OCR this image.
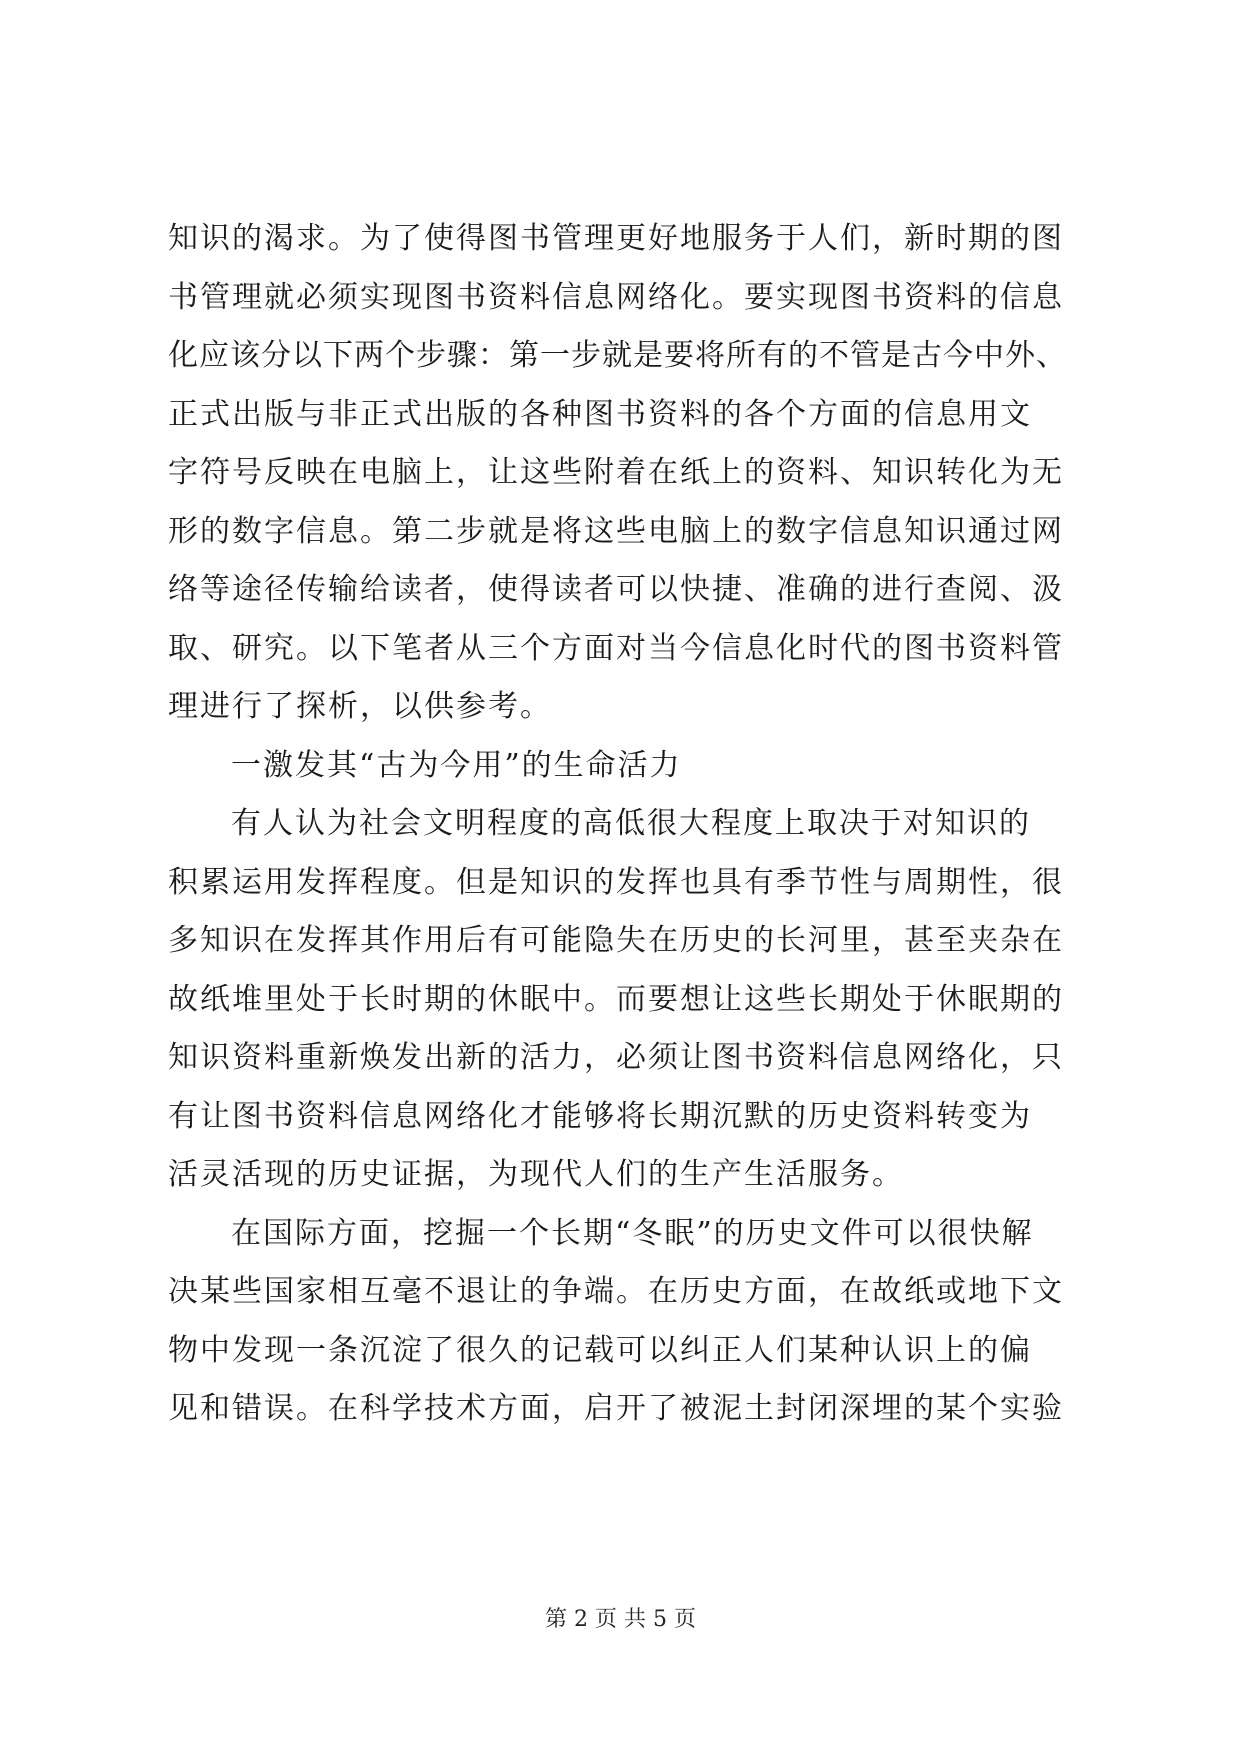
知识的渴求。为了使得图书管理更好地服务于人们，新时期的图
书管理就必须实现图书资料信息网络化。要实现图书资料的信息
化应该分以下两个步骤：第一步就是要将所有的不管是古今中外、
正式出版与非正式出版的各种图书资料的各个方面的信息用文
字符号反映在电脑上，让这些附着在纸上的资料、知识转化为无
形的数字信息。第二步就是将这些电脑上的数字信息知识通过网
络等途径传输给读者，使得读者可以快捷、准确的进行查阅、汲
取、研究。以下笔者从三个方面对当今信息化时代的图书资料管
理进行了探析，以供参考。
一激发其“古为今用”的生命活力
有人认为社会文明程度的高低很大程度上取决于对知识的
积累运用发挥程度。但是知识的发挥也具有季节性与周期性，很
多知识在发挥其作用后有可能隐失在历史的长河里，甚至夹杂在
故纸堆里处于长时期的休眠中。而要想让这些长期处于休眠期的
知识资料重新焕发出新的活力，必须让图书资料信息网络化，只
有让图书资料信息网络化才能够将长期沉默的历史资料转变为
活灵活现的历史证据，为现代人们的生产生活服务。
在国际方面，挖掘一个长期“冬眠”的历史文件可以很快解
决某些国家相互毫不退让的争端。在历史方面，在故纸或地下文
物中发现一条沉淀了很久的记载可以纠正人们某种认识上的偏
见和错误。在科学技术方面，启开了被泥土封闭深埋的某个实验
第 2 页 共 5 页
